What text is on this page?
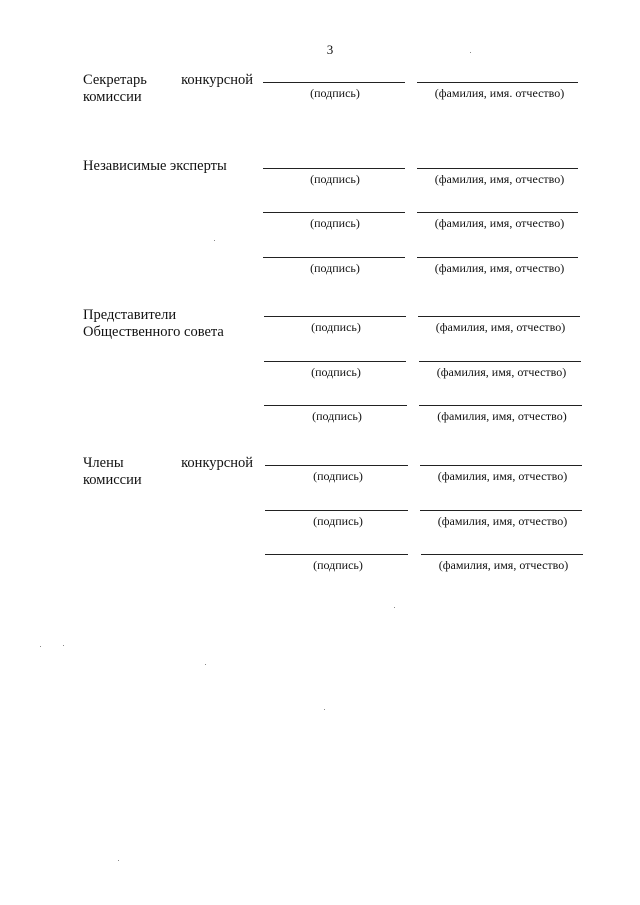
3
Секретарь конкурсной
комиссии	(подпись)	(фамилия, имя. отчество)
Независимые эксперты
(подпись)	(фамилия, имя, отчество)
(подпись)	(фамилия, имя, отчество)
(подпись)	(фамилия, имя, отчество)
Представители
Общественного совета	(подпись)	(фамилия, имя, отчество)
(подпись)	(фамилия, имя, отчество)
(подпись)	(фамилия, имя, отчество)
Члены конкурсной
комиссии	(подпись)	(фамилия, имя, отчество)
(подпись)	(фамилия, имя, отчество)
(подпись)	(фамилия, имя, отчество)
